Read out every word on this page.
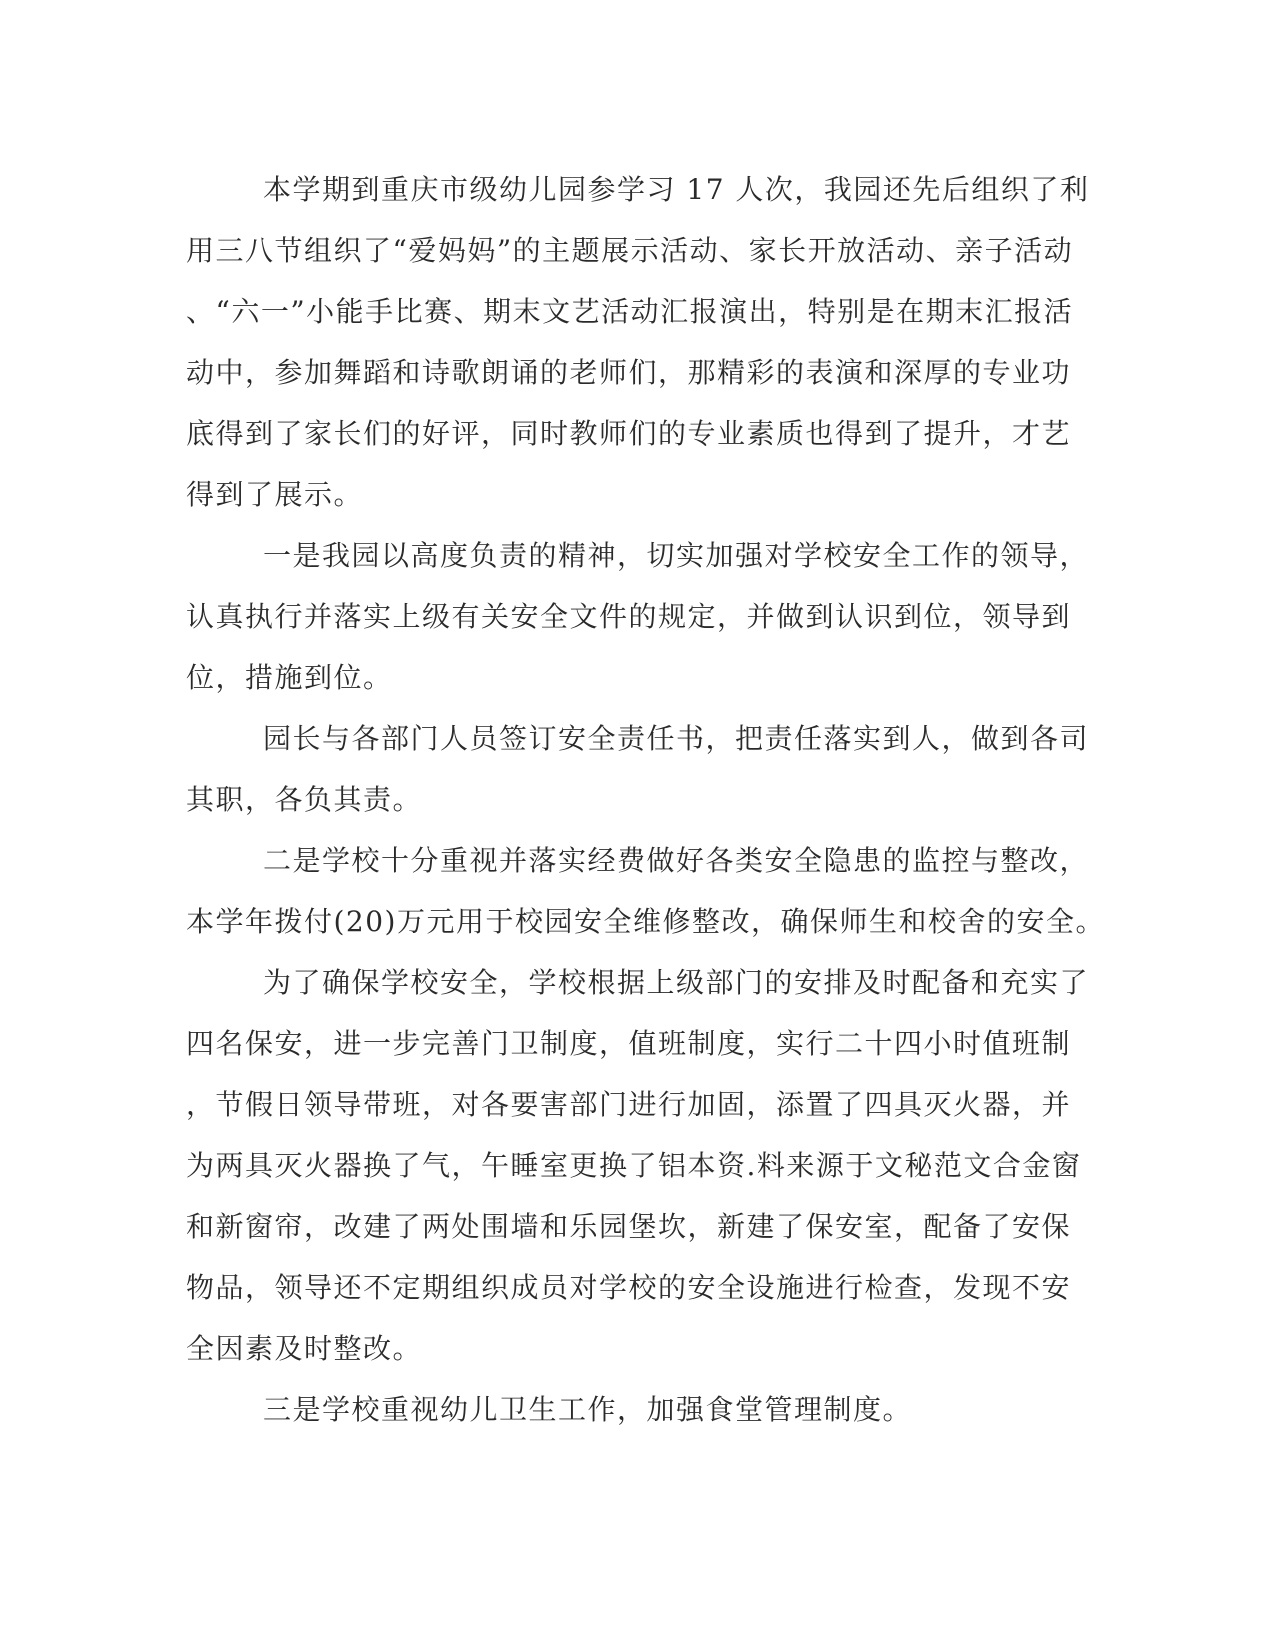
本学期到重庆市级幼儿园参学习 17 人次，我园还先后组织了利
用三八节组织了“爱妈妈”的主题展示活动、家长开放活动、亲子活动
、“六一”小能手比赛、期末文艺活动汇报演出，特别是在期末汇报活
动中，参加舞蹈和诗歌朗诵的老师们，那精彩的表演和深厚的专业功
底得到了家长们的好评，同时教师们的专业素质也得到了提升，才艺
得到了展示。
一是我园以高度负责的精神，切实加强对学校安全工作的领导，
认真执行并落实上级有关安全文件的规定，并做到认识到位，领导到
位，措施到位。
园长与各部门人员签订安全责任书，把责任落实到人，做到各司
其职，各负其责。
二是学校十分重视并落实经费做好各类安全隐患的监控与整改，
本学年拨付(20)万元用于校园安全维修整改，确保师生和校舍的安全。
为了确保学校安全，学校根据上级部门的安排及时配备和充实了
四名保安，进一步完善门卫制度，值班制度，实行二十四小时值班制
，节假日领导带班，对各要害部门进行加固，添置了四具灭火器，并
为两具灭火器换了气，午睡室更换了铝本资.料来源于文秘范文合金窗
和新窗帘，改建了两处围墙和乐园堡坎，新建了保安室，配备了安保
物品，领导还不定期组织成员对学校的安全设施进行检查，发现不安
全因素及时整改。
三是学校重视幼儿卫生工作，加强食堂管理制度。
